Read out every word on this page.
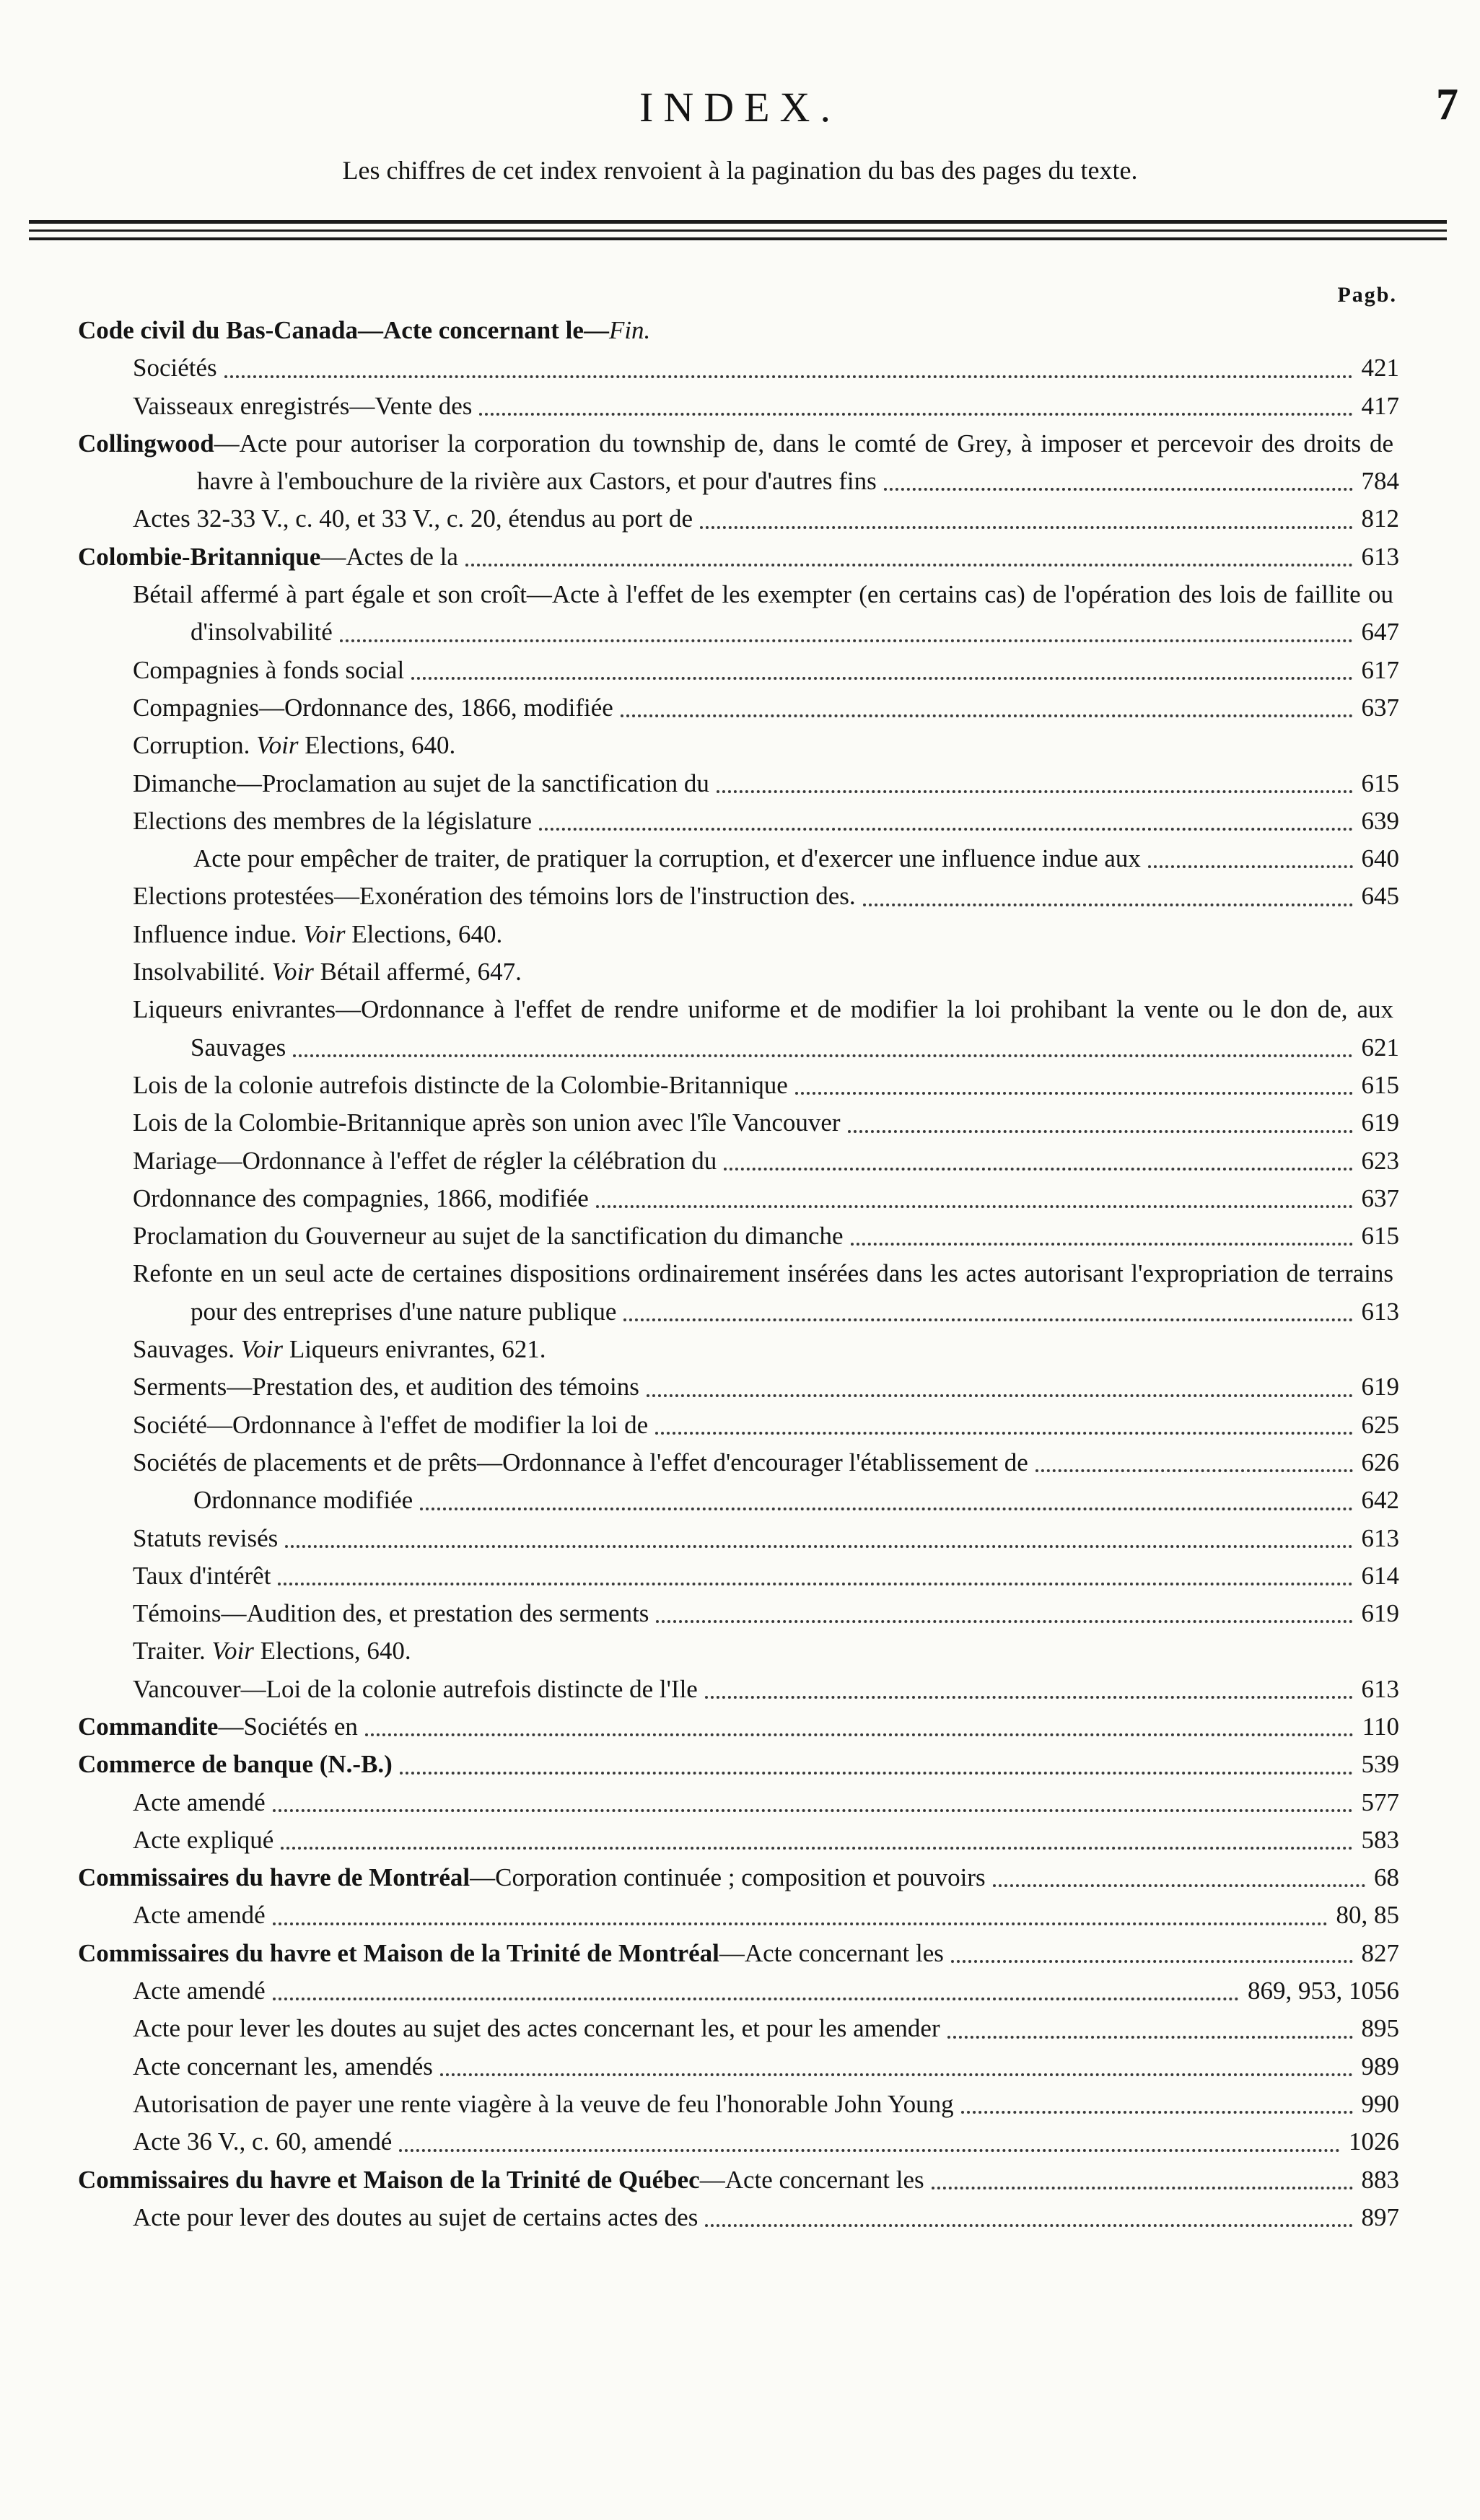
INDEX.	7
Les chiffres de cet index renvoient à la pagination du bas des pages du texte.
Pagb.
Code civil du Bas-Canada—Acte concernant le—Fin.
Sociétés	421
Vaisseaux enregistrés—Vente des	417
Collingwood—Acte pour autoriser la corporation du township de, dans le comté de Grey, à imposer et percevoir des droits de havre à l'embouchure de la rivière aux Castors, et pour d'autres fins	784
Actes 32-33 V., c. 40, et 33 V., c. 20, étendus au port de	812
Colombie-Britannique—Actes de la	613
Bétail affermé à part égale et son croît—Acte à l'effet de les exempter (en certains cas) de l'opération des lois de faillite ou d'insolvabilité	647
Compagnies à fonds social	617
Compagnies—Ordonnance des, 1866, modifiée	637
Corruption. Voir Elections, 640.
Dimanche—Proclamation au sujet de la sanctification du	615
Elections des membres de la législature	639
Acte pour empêcher de traiter, de pratiquer la corruption, et d'exercer une influence indue aux	640
Elections protestées—Exonération des témoins lors de l'instruction des.	645
Influence indue. Voir Elections, 640.
Insolvabilité. Voir Bétail affermé, 647.
Liqueurs enivrantes—Ordonnance à l'effet de rendre uniforme et de modifier la loi prohibant la vente ou le don de, aux Sauvages	621
Lois de la colonie autrefois distincte de la Colombie-Britannique	615
Lois de la Colombie-Britannique après son union avec l'île Vancouver	619
Mariage—Ordonnance à l'effet de régler la célébration du	623
Ordonnance des compagnies, 1866, modifiée	637
Proclamation du Gouverneur au sujet de la sanctification du dimanche	615
Refonte en un seul acte de certaines dispositions ordinairement insérées dans les actes autorisant l'expropriation de terrains pour des entreprises d'une nature publique	613
Sauvages. Voir Liqueurs enivrantes, 621.
Serments—Prestation des, et audition des témoins	619
Société—Ordonnance à l'effet de modifier la loi de	625
Sociétés de placements et de prêts—Ordonnance à l'effet d'encourager l'établissement de	626
Ordonnance modifiée	642
Statuts revisés	613
Taux d'intérêt	614
Témoins—Audition des, et prestation des serments	619
Traiter. Voir Elections, 640.
Vancouver—Loi de la colonie autrefois distincte de l'Ile	613
Commandite—Sociétés en	110
Commerce de banque (N.-B.)	539
Acte amendé	577
Acte expliqué	583
Commissaires du havre de Montréal—Corporation continuée ; composition et pouvoirs	68
Acte amendé	80, 85
Commissaires du havre et Maison de la Trinité de Montréal—Acte concernant les	827
Acte amendé	869, 953, 1056
Acte pour lever les doutes au sujet des actes concernant les, et pour les amender	895
Acte concernant les, amendés	989
Autorisation de payer une rente viagère à la veuve de feu l'honorable John Young	990
Acte 36 V., c. 60, amendé	1026
Commissaires du havre et Maison de la Trinité de Québec—Acte concernant les	883
Acte pour lever des doutes au sujet de certains actes des	897
